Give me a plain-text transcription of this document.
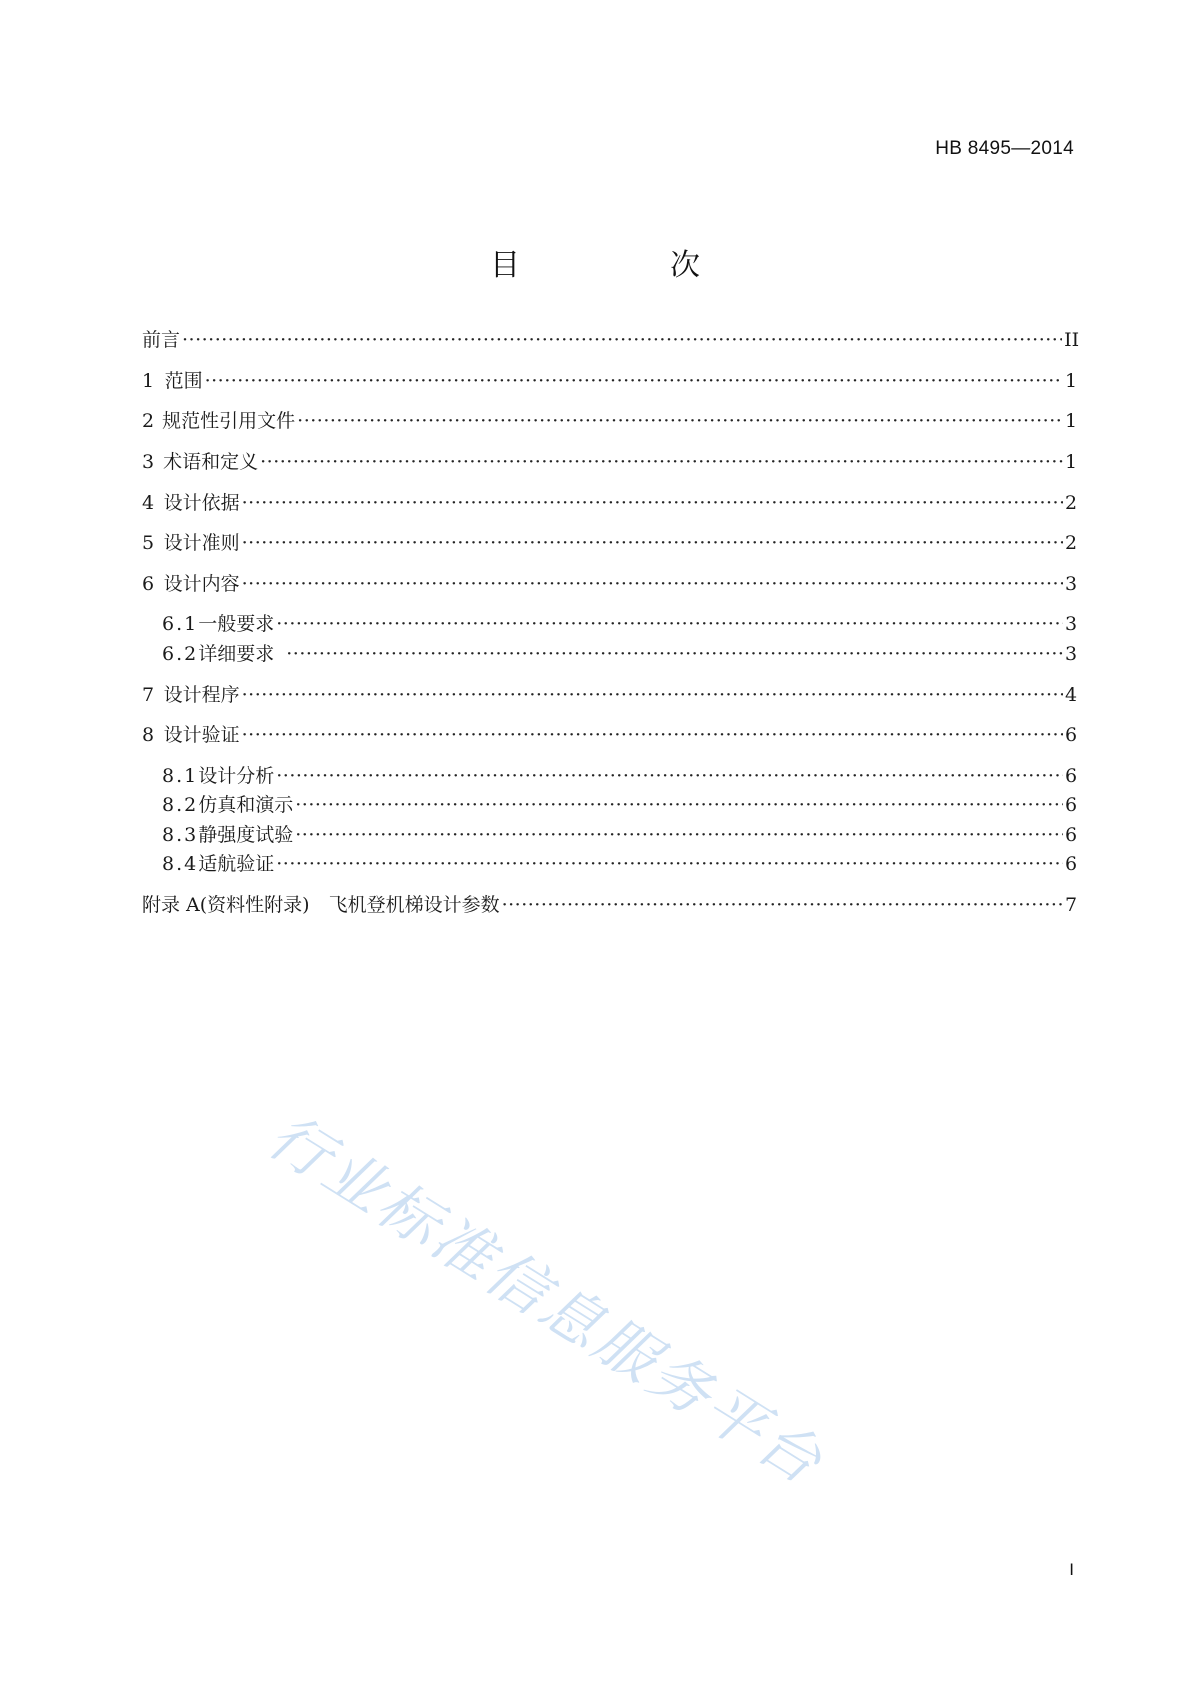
HB 8495—2014
目　次
前言 ·····	II
1 范围 ·····	1
2 规范性引用文件 ·····	1
3 术语和定义 ·····	1
4 设计依据 ·····	2
5 设计准则 ·····	2
6 设计内容 ·····	3
6.1 一般要求 ·····	3
6.2 详细要求 ·····	3
7 设计程序 ·····	4
8 设计验证 ·····	6
8.1 设计分析 ·····	6
8.2 仿真和演示 ·····	6
8.3 静强度试验 ·····	6
8.4 适航验证 ·····	6
附录 A(资料性附录)　飞机登机梯设计参数 ·····	7
行业标准信息服务平台
I
